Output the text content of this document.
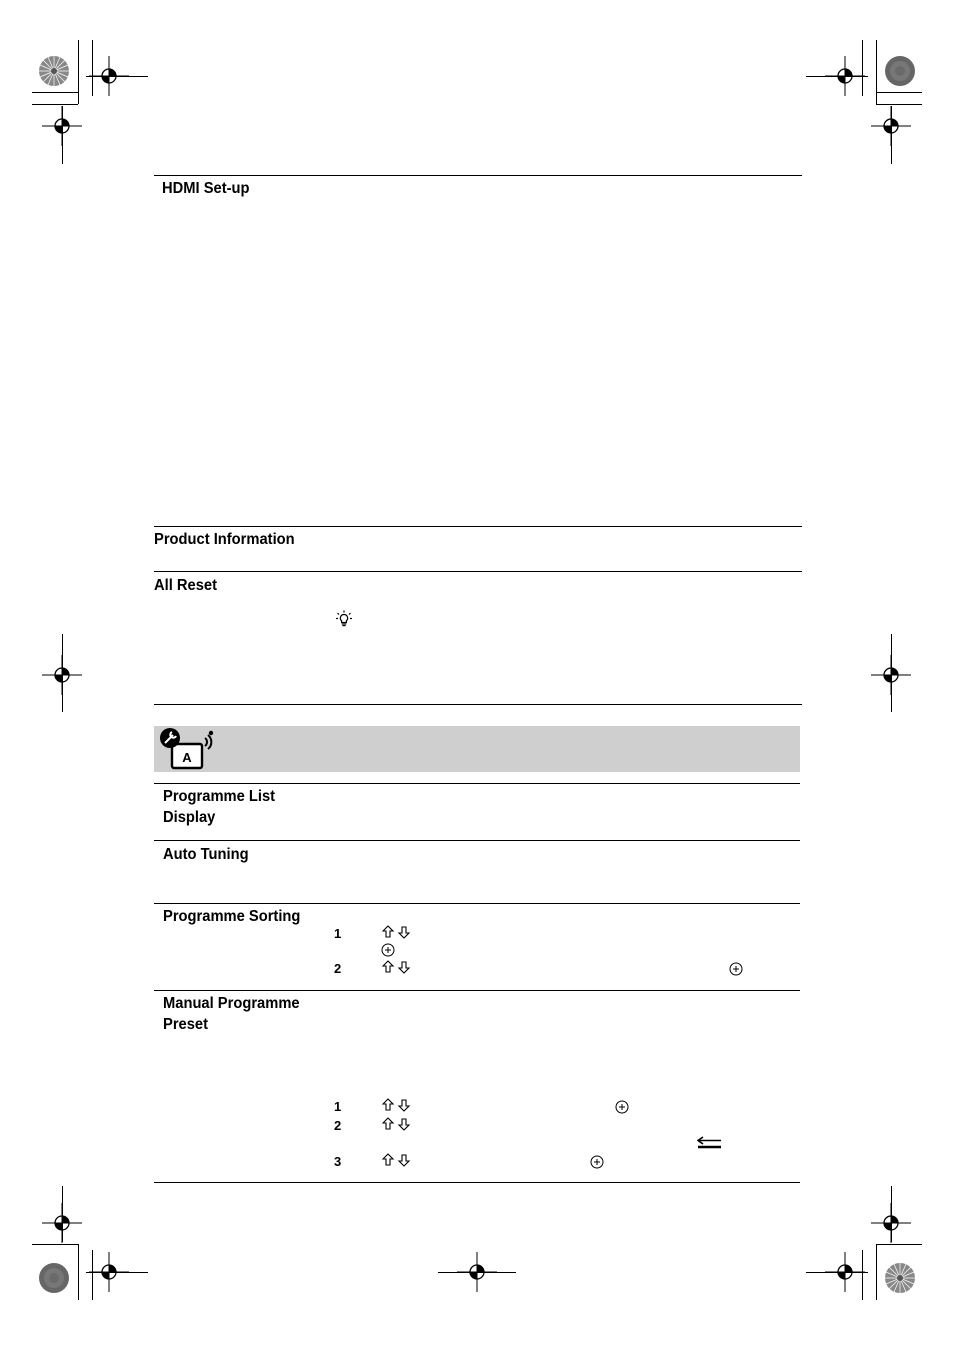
HDMI Set-up
Product Information
All Reset
A
Programme List
Display
Auto Tuning
Programme Sorting
1
2
Manual Programme
Preset
1
2
3
